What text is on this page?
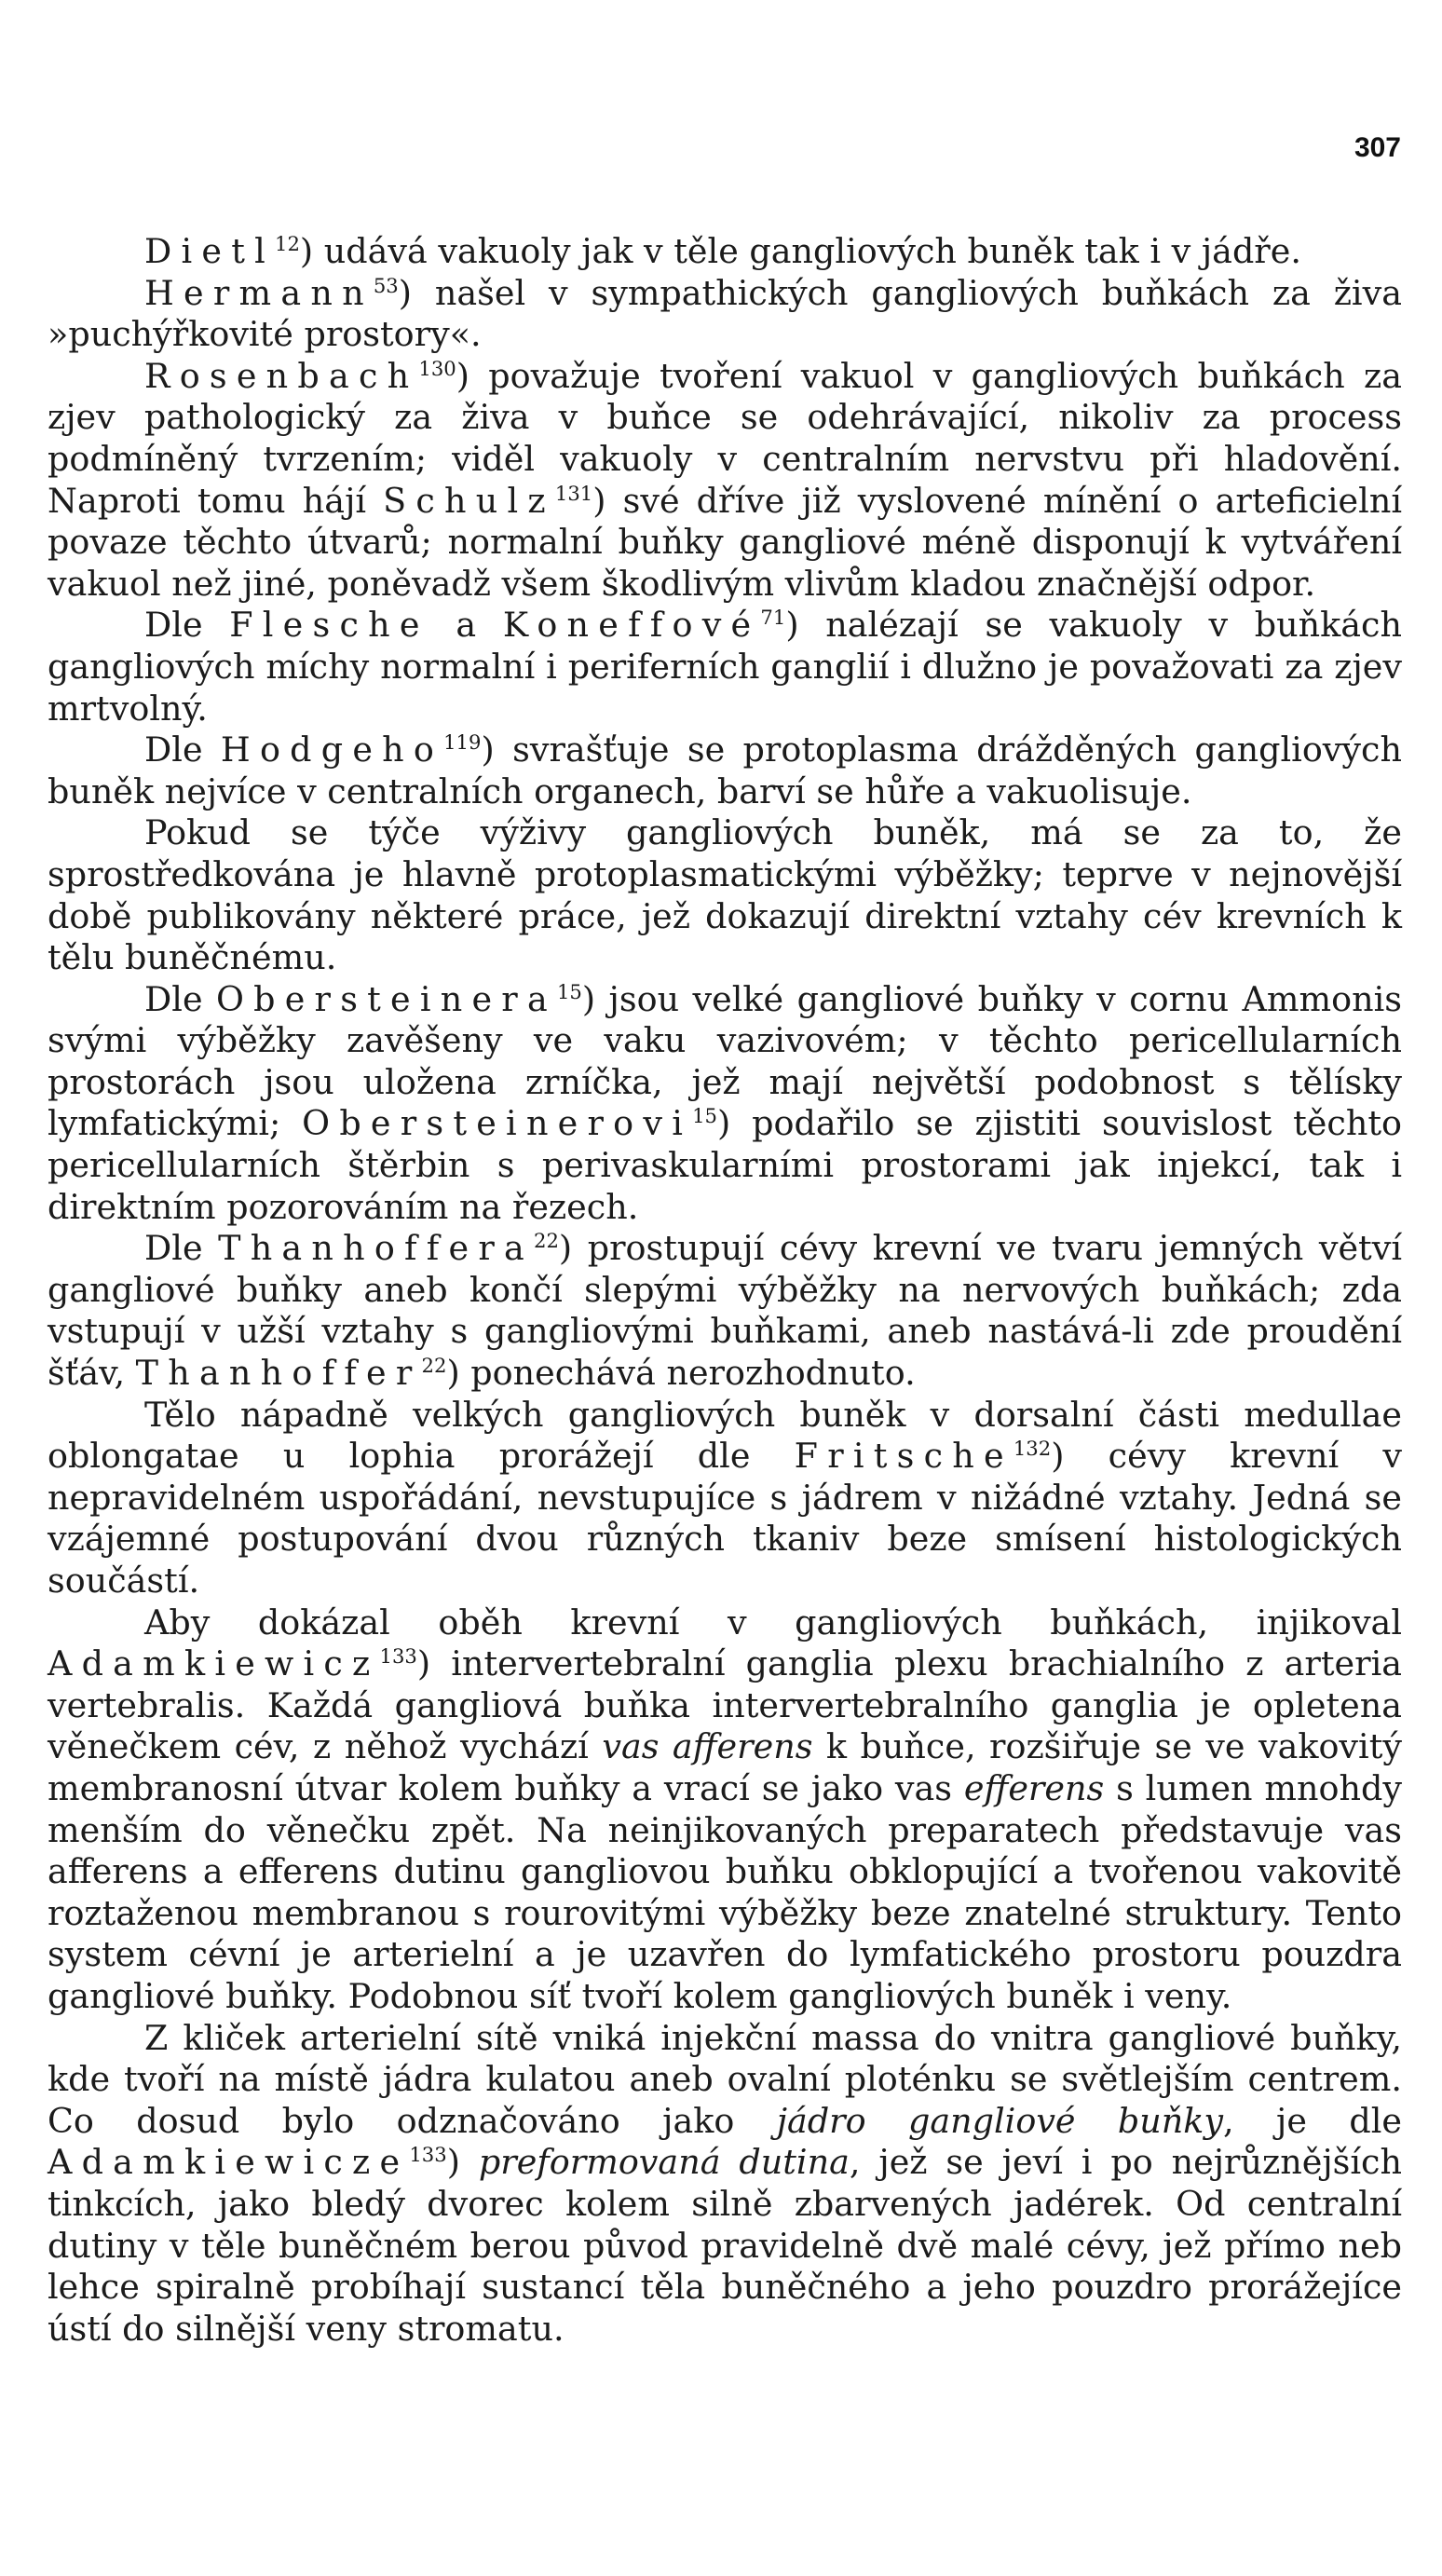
307

Dietl$^{12}$) udává vakuoly jak v těle gangliových buněk tak i v jádře.

Hermann$^{53}$) našel v sympathických gangliových buňkách za živa »puchýřkovité prostory«.

Rosenbach$^{130}$) považuje tvoření vakuol v gangliových buňkách za zjev pathologický za živa v buňce se odehrávající, nikoliv za process podmíněný tvrzením; viděl vakuoly v centralním nervstvu při hladovění. Naproti tomu hájí Schulz$^{131}$) své dříve již vyslovené mínění o arteficielní povaze těchto útvarů; normalní buňky gangliové méně disponují k vytváření vakuol než jiné, poněvadž všem škodlivým vlivům kladou značnější odpor.

Dle Flesche a Koneffové$^{71}$) nalézají se vakuoly v buňkách gangliových míchy normalní i periferních ganglií i dlužno je považovati za zjev mrtvolný.

Dle Hodgeho$^{119}$) svrašťuje se protoplasma drážděných gangliových buněk nejvíce v centralních organech, barví se hůře a vakuolisuje.

Pokud se týče výživy gangliových buněk, má se za to, že sprostředkována je hlavně protoplasmatickými výběžky; teprve v nejnovější době publikovány některé práce, jež dokazují direktní vztahy cév krevních k tělu buněčnému.

Dle Obersteinera$^{15}$) jsou velké gangliové buňky v cornu Ammonis svými výběžky zavěšeny ve vaku vazivovém; v těchto pericellularních prostorách jsou uložena zrníčka, jež mají největší podobnost s tělísky lymfatickými; Obersteinerovi$^{15}$) podařilo se zjistiti souvislost těchto pericellularních štěrbin s perivaskularními prostorami jak injekcí, tak i direktním pozorováním na řezech.

Dle Thanhoffera$^{22}$) prostupují cévy krevní ve tvaru jemných větví gangliové buňky aneb končí slepými výběžky na nervových buňkách; zda vstupují v užší vztahy s gangliovými buňkami, aneb nastává-li zde proudění šťáv, Thanhoffer$^{22}$) ponechává nerozhodnuto.

Tělo nápadně velkých gangliových buněk v dorsalní části medullae oblongatae u lophia prorážejí dle Fritsche$^{132}$) cévy krevní v nepravidelném uspořádání, nevstupujíce s jádrem v nižádné vztahy. Jedná se vzájemné postupování dvou různých tkaniv beze smísení histologických součástí.

Aby dokázal oběh krevní v gangliových buňkách, injikoval Adamkiewicz$^{133}$) intervertebralní ganglia plexu brachialního z arteria vertebralis. Každá gangliová buňka intervertebralního ganglia je opletena věnečkem cév, z něhož vychází vas afferens k buňce, rozšiřuje se ve vakovitý membranosní útvar kolem buňky a vrací se jako vas efferens s lumen mnohdy menším do věnečku zpět. Na neinjikovaných preparatech představuje vas afferens a efferens dutinu gangliovou buňku obklopující a tvořenou vakovitě roztaženou membranou s rourovitými výběžky beze znatelné struktury. Tento system cévní je arterielní a je uzavřen do lymfatického prostoru pouzdra gangliové buňky. Podobnou síť tvoří kolem gangliových buněk i veny.

Z kliček arterielní sítě vniká injekční massa do vnitra gangliové buňky, kde tvoří na místě jádra kulatou aneb ovalní ploténku se světlejším centrem. Co dosud bylo odznačováno jako jádro gangliové buňky, je dle Adamkiewicze$^{133}$) preformovaná dutina, jež se jeví i po nejrůznějších tinkcích, jako bledý dvorec kolem silně zbarvených jadérek. Od centralní dutiny v těle buněčném berou původ pravidelně dvě malé cévy, jež přímo neb lehce spiralně probíhají sustancí těla buněčného a jeho pouzdro prorážejíce ústí do silnější veny stromatu.
